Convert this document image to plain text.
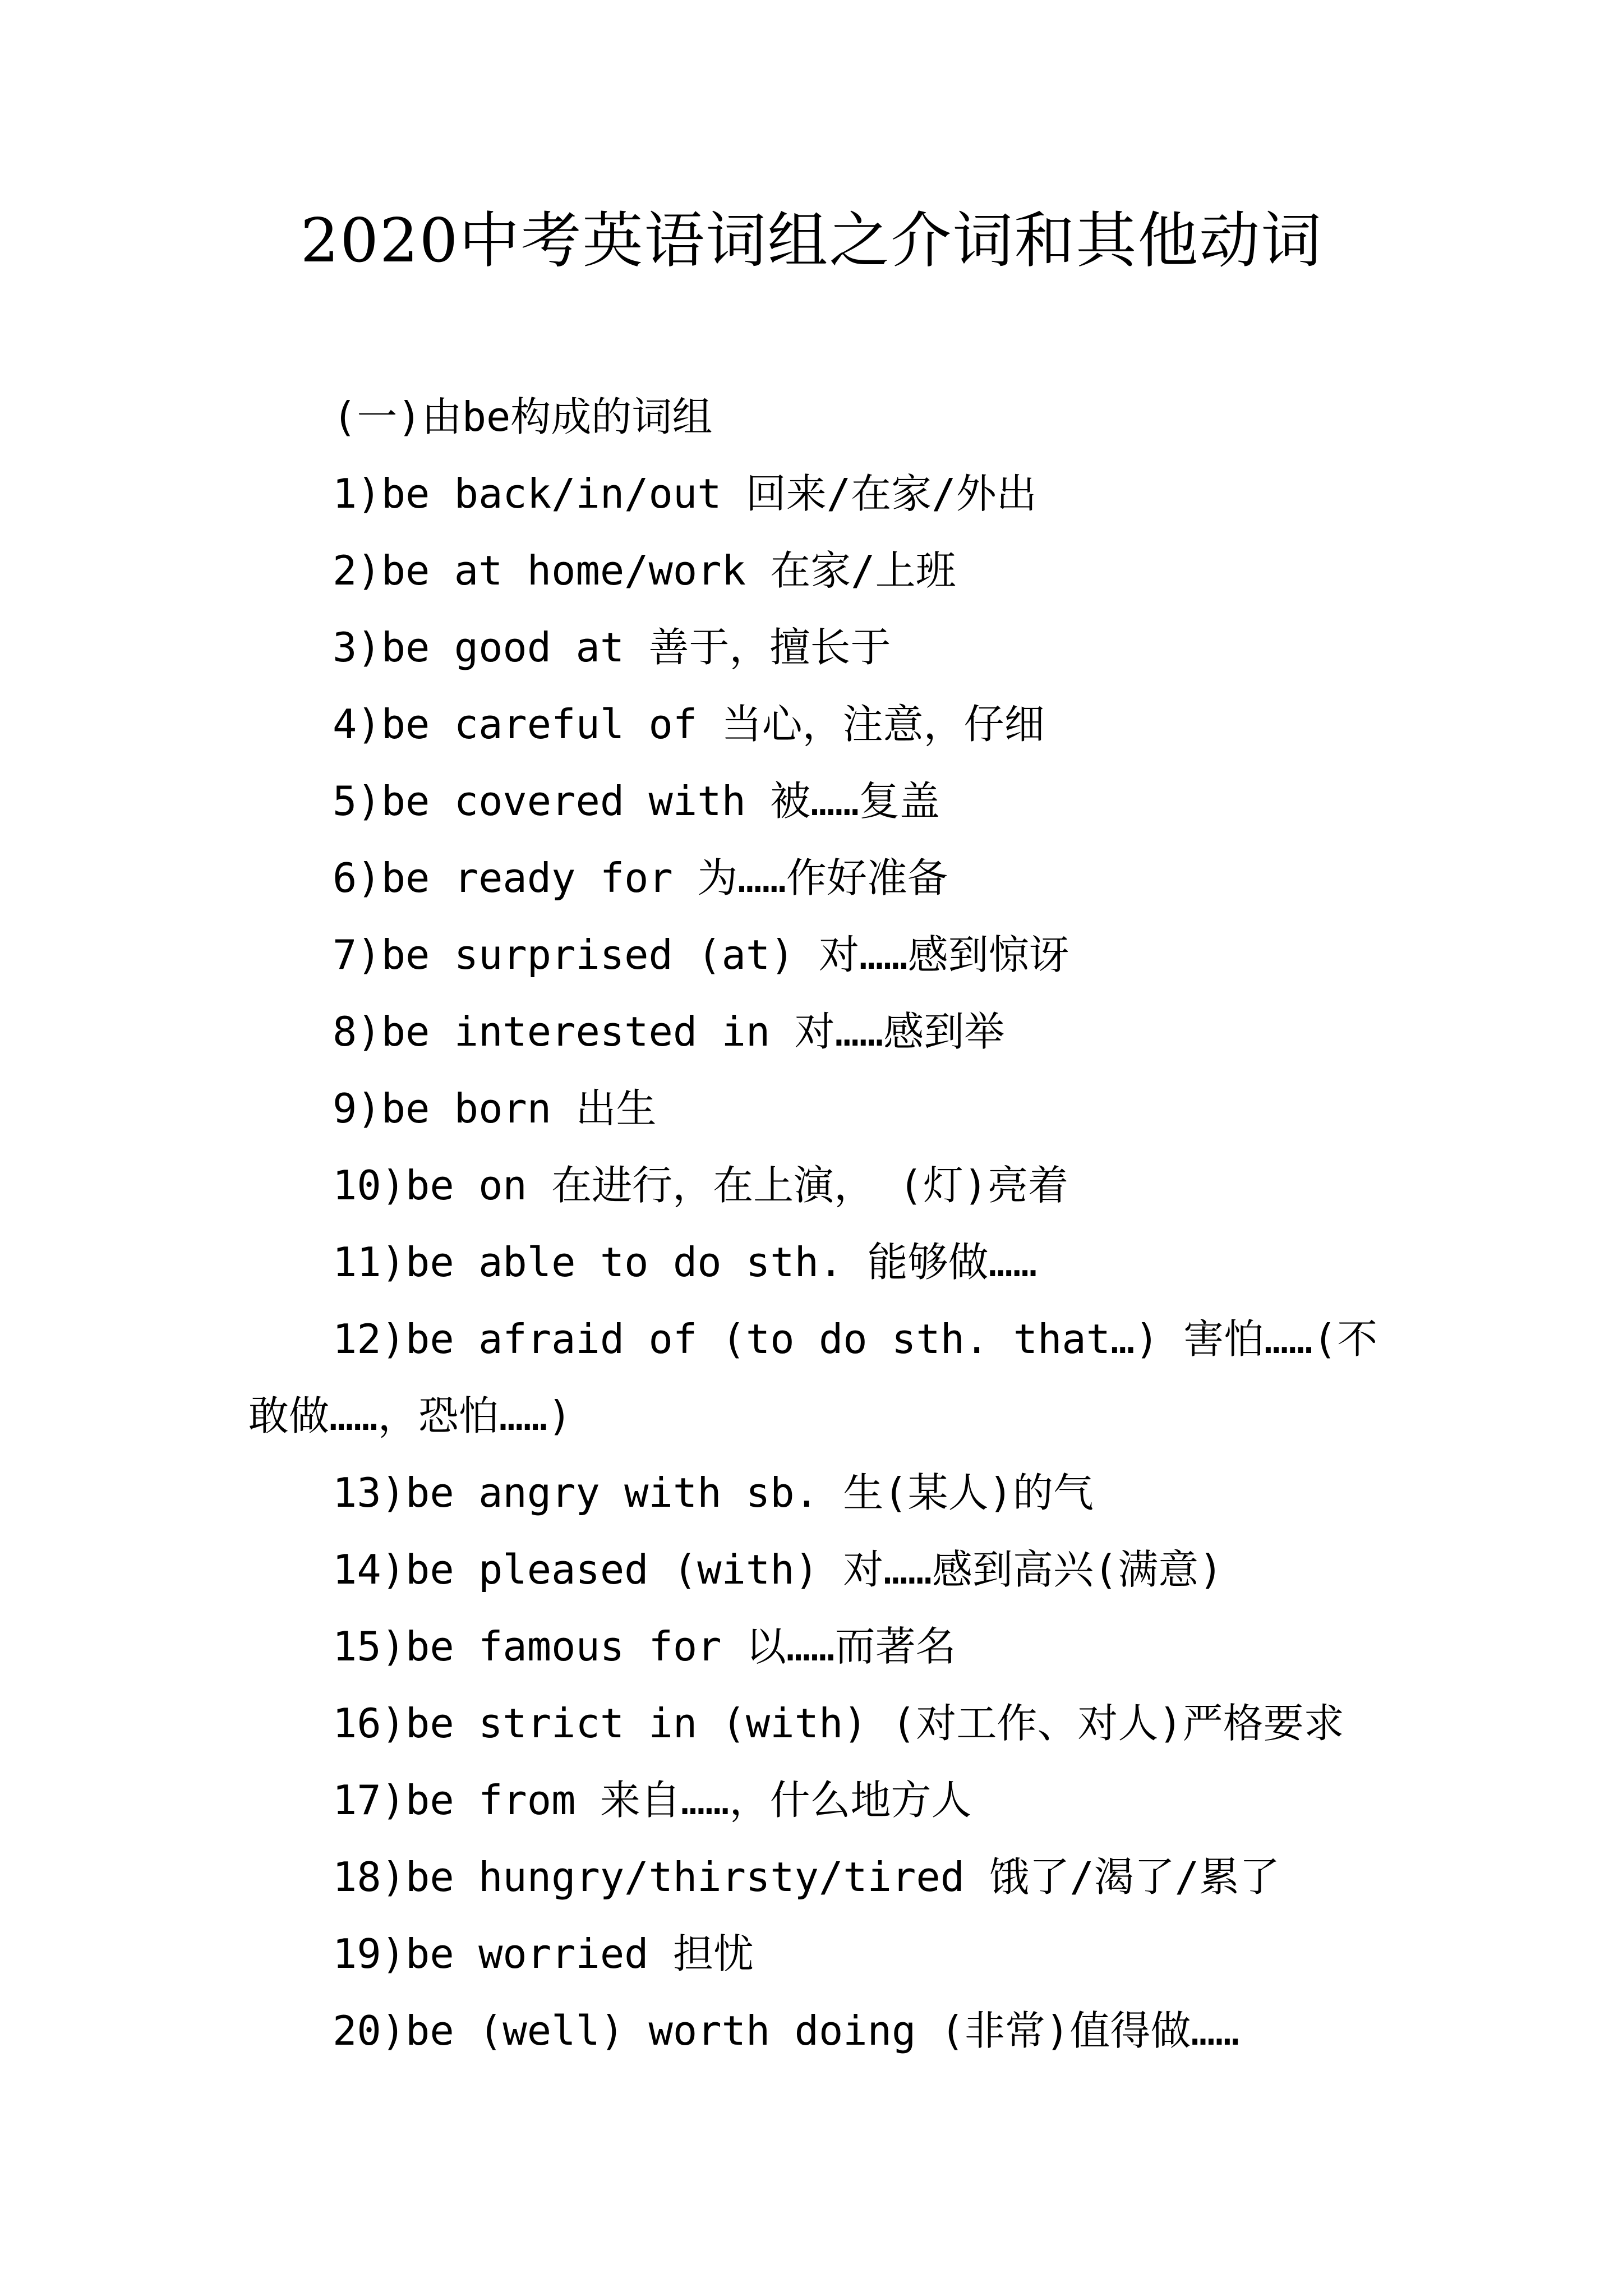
2020中考英语词组之介词和其他动词
(一)由be构成的词组
1)be back/in/out 回来/在家/外出
2)be at home/work 在家/上班
3)be good at 善于，擅长于
4)be careful of 当心，注意，仔细
5)be covered with 被……复盖
6)be ready for 为……作好准备
7)be surprised (at) 对……感到惊讶
8)be interested in 对……感到举
9)be born 出生
10)be on 在进行，在上演， (灯)亮着
11)be able to do sth. 能够做……
12)be afraid of (to do sth. that…) 害怕……(不敢做……，恐怕……)
13)be angry with sb. 生(某人)的气
14)be pleased (with) 对……感到高兴(满意)
15)be famous for 以……而著名
16)be strict in (with) (对工作、对人)严格要求
17)be from 来自……，什么地方人
18)be hungry/thirsty/tired 饿了/渴了/累了
19)be worried 担忧
20)be (well) worth doing (非常)值得做……
